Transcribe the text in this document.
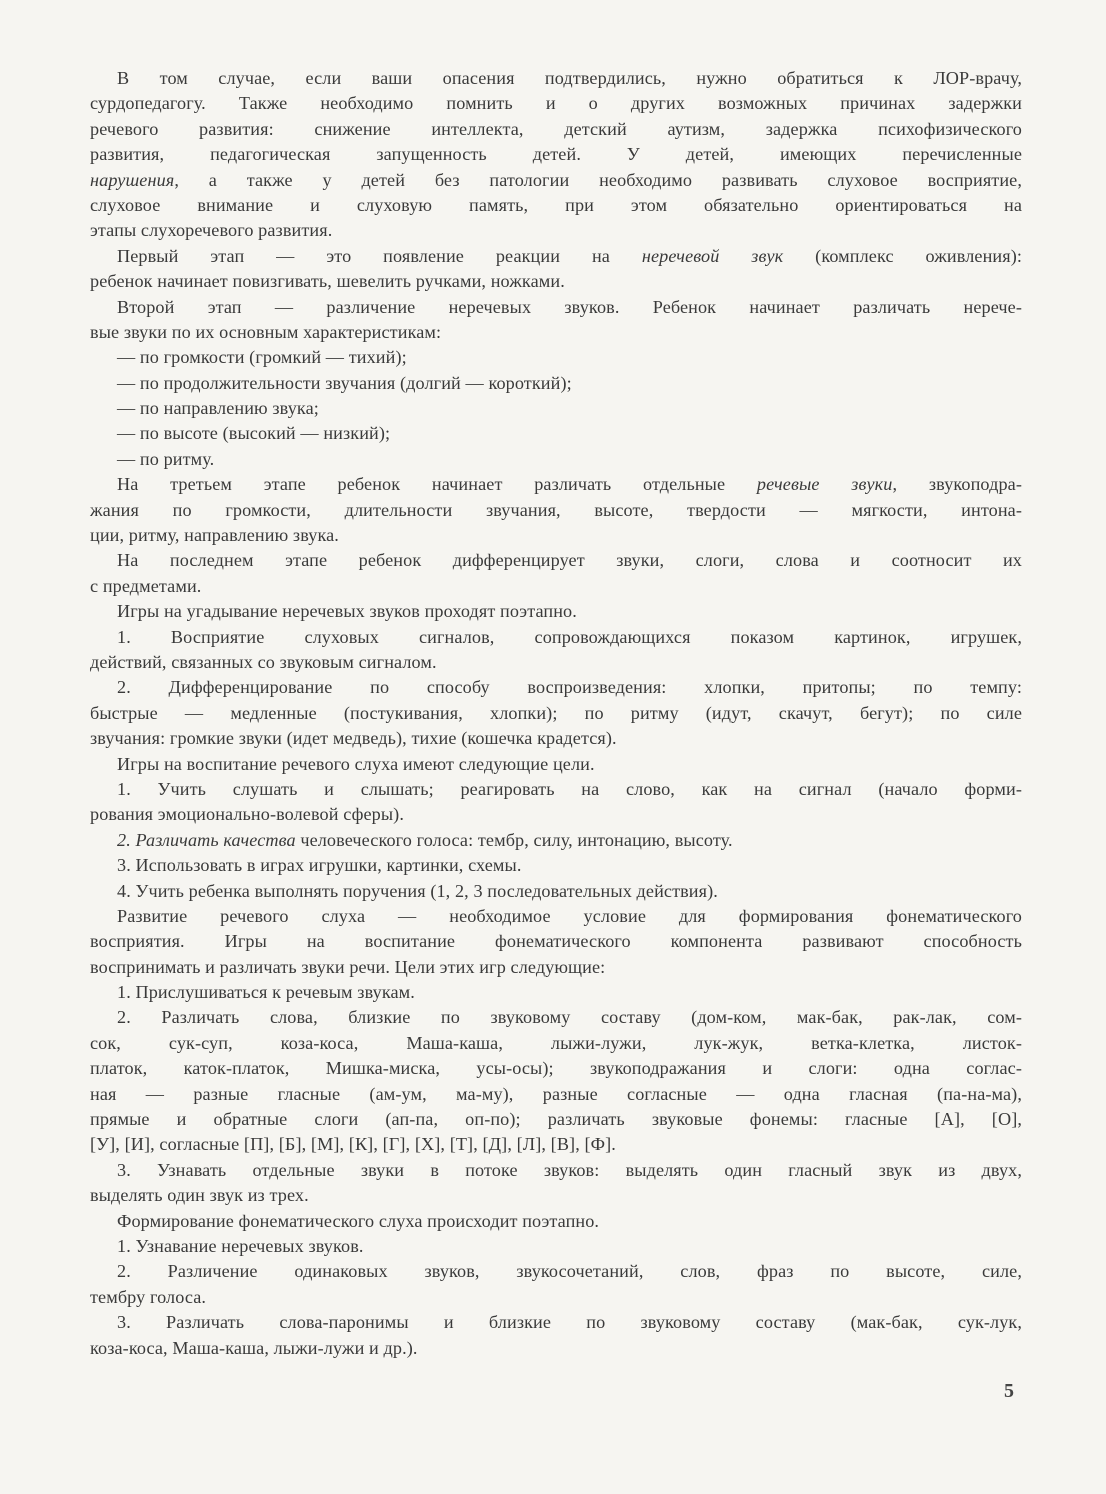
В том случае, если ваши опасения подтвердились, нужно обратиться к ЛОР-врачу,
сурдопедагогу. Также необходимо помнить и о других возможных причинах задержки
речевого развития: снижение интеллекта, детский аутизм, задержка психофизического
развития, педагогическая запущенность детей. У детей, имеющих перечисленные
нарушения, а также у детей без патологии необходимо развивать слуховое восприятие,
слуховое внимание и слуховую память, при этом обязательно ориентироваться на
этапы слухоречевого развития.
Первый этап — это появление реакции на неречевой звук (комплекс оживления):
ребенок начинает повизгивать, шевелить ручками, ножками.
Второй этап — различение неречевых звуков. Ребенок начинает различать нерече-
вые звуки по их основным характеристикам:
— по громкости (громкий — тихий);
— по продолжительности звучания (долгий — короткий);
— по направлению звука;
— по высоте (высокий — низкий);
— по ритму.
На третьем этапе ребенок начинает различать отдельные речевые звуки, звукоподра-
жания по громкости, длительности звучания, высоте, твердости — мягкости, интона-
ции, ритму, направлению звука.
На последнем этапе ребенок дифференцирует звуки, слоги, слова и соотносит их
с предметами.
Игры на угадывание неречевых звуков проходят поэтапно.
1. Восприятие слуховых сигналов, сопровождающихся показом картинок, игрушек,
действий, связанных со звуковым сигналом.
2. Дифференцирование по способу воспроизведения: хлопки, притопы; по темпу:
быстрые — медленные (постукивания, хлопки); по ритму (идут, скачут, бегут); по силе
звучания: громкие звуки (идет медведь), тихие (кошечка крадется).
Игры на воспитание речевого слуха имеют следующие цели.
1. Учить слушать и слышать; реагировать на слово, как на сигнал (начало форми-
рования эмоционально-волевой сферы).
2. Различать качества человеческого голоса: тембр, силу, интонацию, высоту.
3. Использовать в играх игрушки, картинки, схемы.
4. Учить ребенка выполнять поручения (1, 2, 3 последовательных действия).
Развитие речевого слуха — необходимое условие для формирования фонематического
восприятия. Игры на воспитание фонематического компонента развивают способность
воспринимать и различать звуки речи. Цели этих игр следующие:
1. Прислушиваться к речевым звукам.
2. Различать слова, близкие по звуковому составу (дом-ком, мак-бак, рак-лак, сом-
сок, сук-суп, коза-коса, Маша-каша, лыжи-лужи, лук-жук, ветка-клетка, листок-
платок, каток-платок, Мишка-миска, усы-осы); звукоподражания и слоги: одна соглас-
ная — разные гласные (ам-ум, ма-му), разные согласные — одна гласная (па-на-ма),
прямые и обратные слоги (ап-па, оп-по); различать звуковые фонемы: гласные [А], [О],
[У], [И], согласные [П], [Б], [М], [К], [Г], [Х], [Т], [Д], [Л], [В], [Ф].
3. Узнавать отдельные звуки в потоке звуков: выделять один гласный звук из двух,
выделять один звук из трех.
Формирование фонематического слуха происходит поэтапно.
1. Узнавание неречевых звуков.
2. Различение одинаковых звуков, звукосочетаний, слов, фраз по высоте, силе,
тембру голоса.
3. Различать слова-паронимы и близкие по звуковому составу (мак-бак, сук-лук,
коза-коса, Маша-каша, лыжи-лужи и др.).
5
